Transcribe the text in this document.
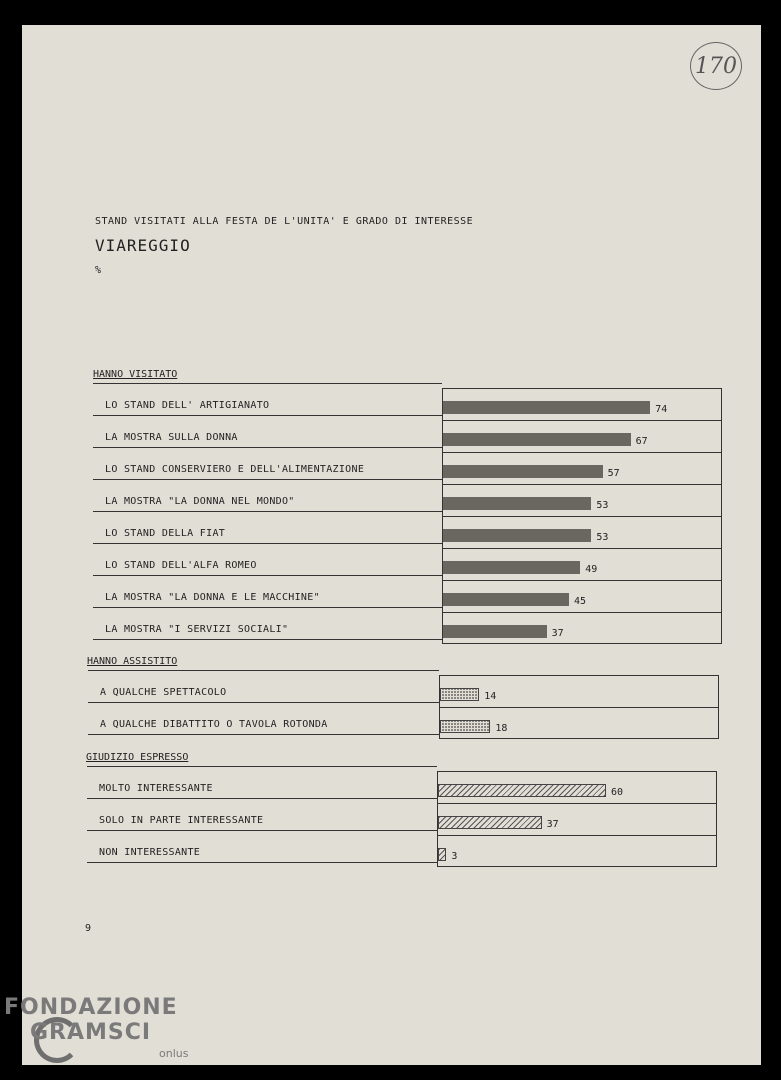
170
STAND VISITATI ALLA FESTA DE L'UNITA' E GRADO DI INTERESSE
VIAREGGIO
%
HANNO VISITATO
LO STAND DELL' ARTIGIANATO	74
LA MOSTRA SULLA DONNA	67
LO STAND CONSERVIERO E DELL'ALIMENTAZIONE	57
LA MOSTRA "LA DONNA NEL MONDO"	53
LO STAND DELLA FIAT	53
LO STAND DELL'ALFA ROMEO	49
LA MOSTRA "LA DONNA E LE MACCHINE"	45
LA MOSTRA "I SERVIZI SOCIALI"	37
HANNO ASSISTITO
A QUALCHE SPETTACOLO	14
A QUALCHE DIBATTITO O TAVOLA ROTONDA	18
GIUDIZIO ESPRESSO
MOLTO INTERESSANTE	60
SOLO IN PARTE INTERESSANTE	37
NON INTERESSANTE	3
9
FONDAZIONE
GRAMSCI
onlus
